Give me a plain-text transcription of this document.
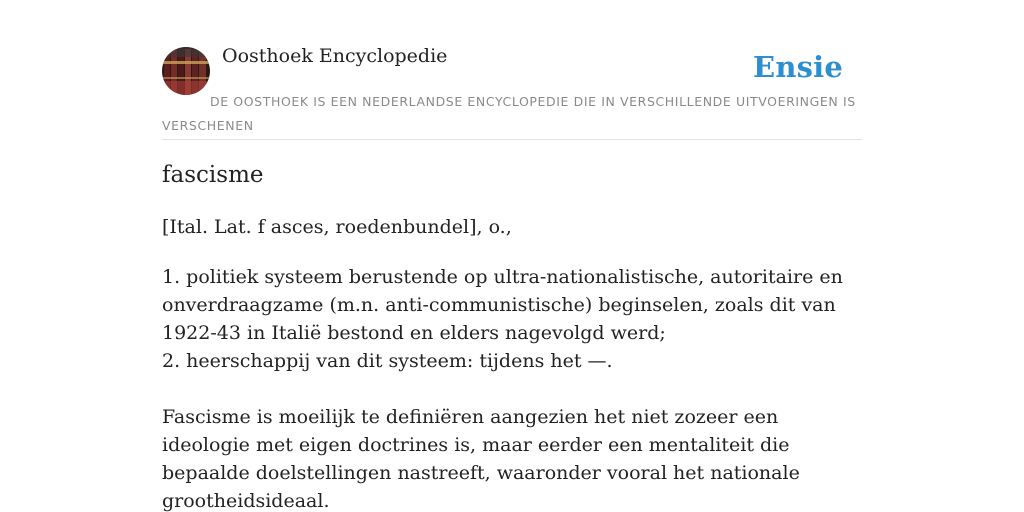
Oosthoek Encyclopedie	Ensie
DE OOSTHOEK IS EEN NEDERLANDSE ENCYCLOPEDIE DIE IN VERSCHILLENDE UITVOERINGEN IS VERSCHENEN
fascisme
[Ital. Lat. f asces, roedenbundel], o.,

1. politiek systeem berustende op ultra-nationalistische, autoritaire en onverdraagzame (m.n. anti-communistische) beginselen, zoals dit van 1922-43 in Italië bestond en elders nagevolgd werd;

2. heerschappij van dit systeem: tijdens het —.

Fascisme is moeilijk te definiëren aangezien het niet zozeer een ideologie met eigen doctrines is, maar eerder een mentaliteit die bepaalde doelstellingen nastreeft, waaronder vooral het nationale grootheidsideaal.
